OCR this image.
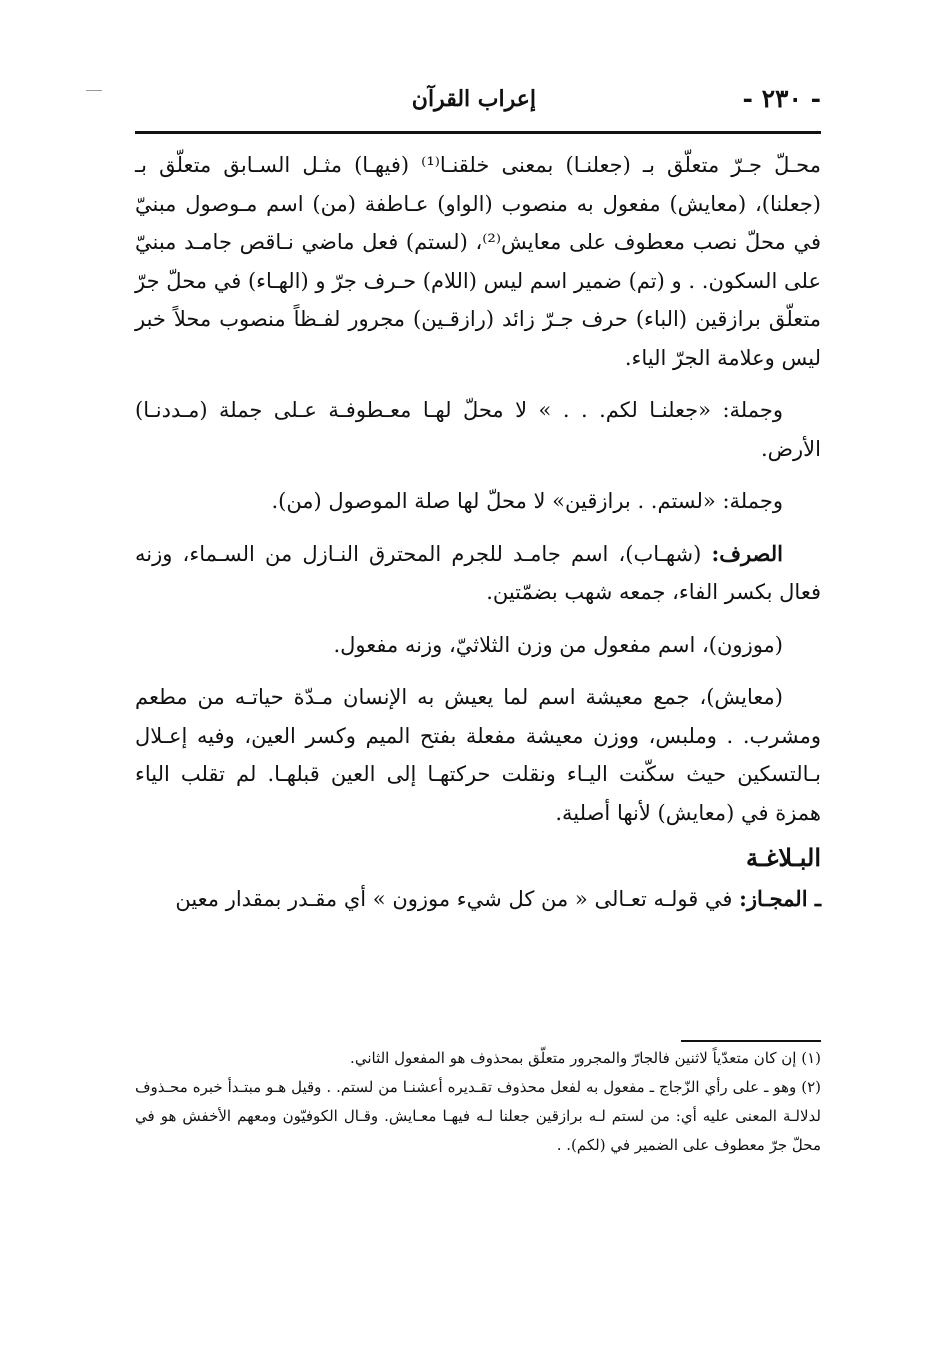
- ٢٣٠ -
إعراب القرآن

محـلّ جـرّ متعلّق بـ (جعلنـا) بمعنى خلقنـا⁽¹⁾ (فيهـا) مثـل السـابق متعلّق بـ (جعلنا)، (معايش) مفعول به منصوب (الواو) عـاطفة (من) اسم مـوصول مبنيّ في محلّ نصب معطوف على معايش⁽²⁾، (لستم) فعل ماضي نـاقص جامـد مبنيّ على السكون. . و (تم) ضمير اسم ليس (اللام) حـرف جرّ و (الهـاء) في محلّ جرّ متعلّق برازقين (الباء) حرف جـرّ زائد (رازقـين) مجرور لفـظاً منصوب محلاً خبر ليس وعلامة الجرّ الياء.

وجملة: «جعلنـا لكم. . . » لا محلّ لهـا معـطوفـة عـلى جملة (مـددنـا) الأرض.

وجملة: «لستم. . برازقين» لا محلّ لها صلة الموصول (من).

الصرف: (شهـاب)، اسم جامـد للجرم المحترق النـازل من السـماء، وزنه فعال بكسر الفاء، جمعه شهب بضمّتين.

(موزون)، اسم مفعول من وزن الثلاثيّ، وزنه مفعول.

(معايش)، جمع معيشة اسم لما يعيش به الإنسان مـدّة حياتـه من مطعم ومشرب. . وملبس، ووزن معيشة مفعلة بفتح الميم وكسر العين، وفيه إعـلال بـالتسكين حيث سكّنت اليـاء ونقلت حركتهـا إلى العين قبلهـا. لم تقلب الياء همزة في (معايش) لأنها أصلية.

البـلاغـة

ـ المجـاز: في قولـه تعـالى « من كل شيء موزون » أي مقـدر بمقدار معين

(١) إن كان متعدّياً لاثنين فالجارّ والمجرور متعلّق بمحذوف هو المفعول الثاني.

(٢) وهو ـ على رأي الزّجاج ـ مفعول به لفعل محذوف تقـديره أعشنـا من لستم. . وقيل هـو مبتـدأ خبره محـذوف لدلالـة المعنى عليه أي: من لستم لـه برازقين جعلنا لـه فيهـا معـايش. وقـال الكوفيّون ومعهم الأخفش هو في محلّ جرّ معطوف على الضمير في (لكم). .
